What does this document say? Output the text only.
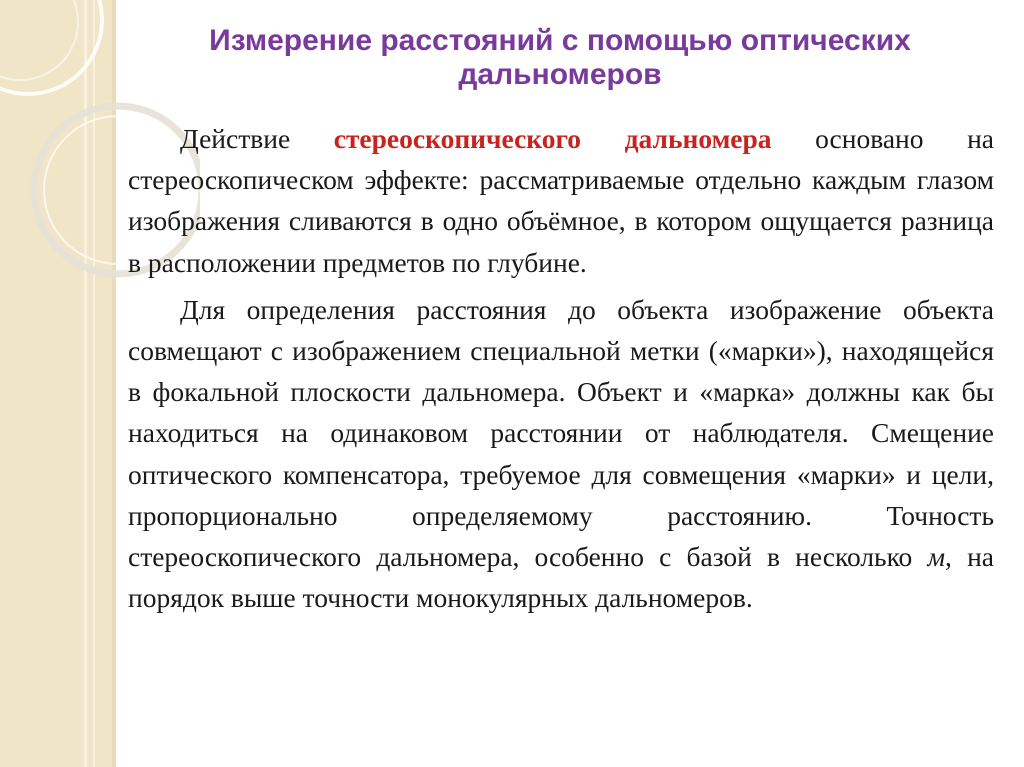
Измерение расстояний с помощью оптических дальномеров

Действие стереоскопического дальномера основано на стереоскопическом эффекте: рассматриваемые отдельно каждым глазом изображения сливаются в одно объёмное, в котором ощущается разница в расположении предметов по глубине.

Для определения расстояния до объекта изображение объекта совмещают с изображением специальной метки («марки»), находящейся в фокальной плоскости дальномера. Объект и «марка» должны как бы находиться на одинаковом расстоянии от наблюдателя. Смещение оптического компенсатора, требуемое для совмещения «марки» и цели, пропорционально определяемому расстоянию. Точность стереоскопического дальномера, особенно с базой в несколько м, на порядок выше точности монокулярных дальномеров.
